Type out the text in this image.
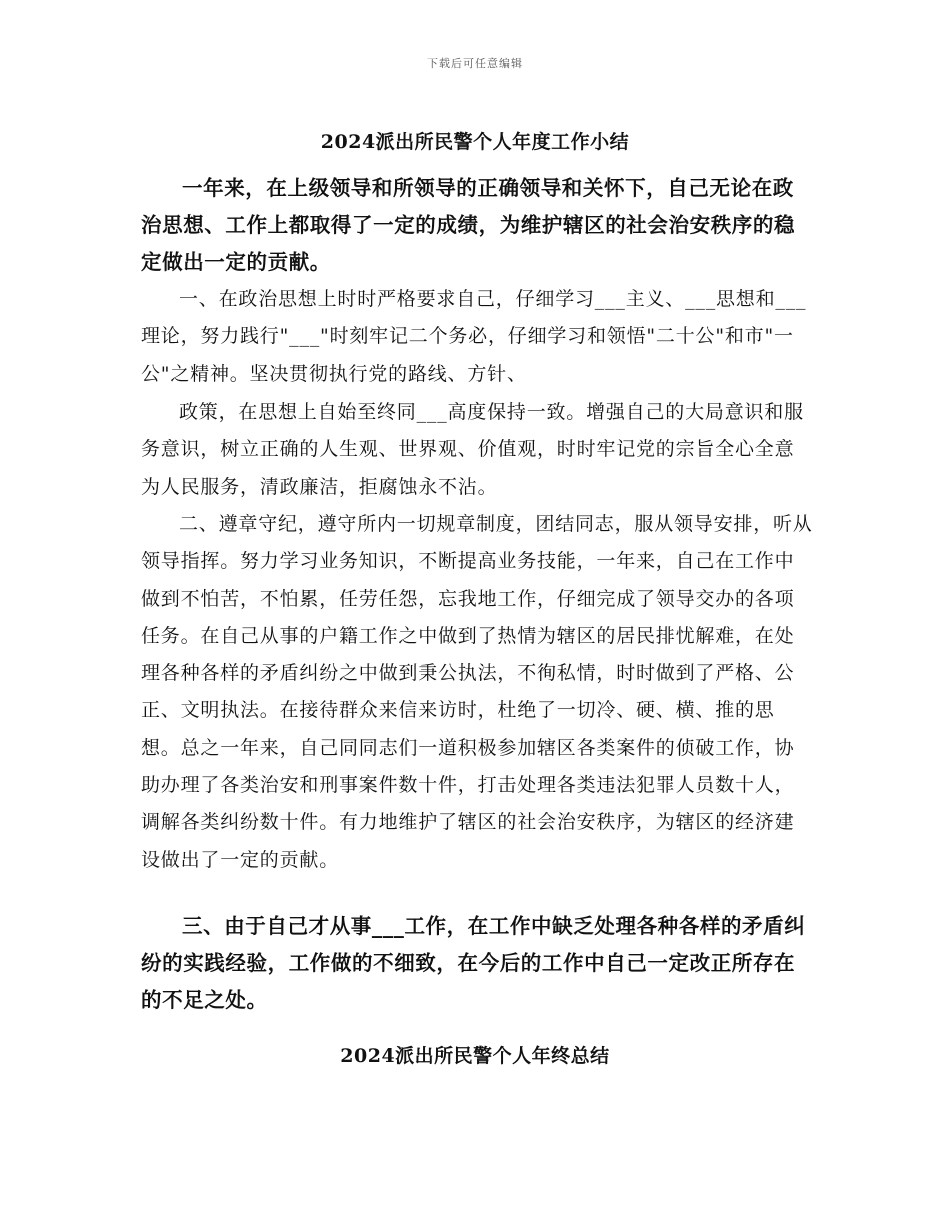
下载后可任意编辑
2024派出所民警个人年度工作小结

一年来，在上级领导和所领导的正确领导和关怀下，自己无论在政治思想、工作上都取得了一定的成绩，为维护辖区的社会治安秩序的稳定做出一定的贡献。

一、在政治思想上时时严格要求自己，仔细学习___主义、___思想和___理论，努力践行"___"时刻牢记二个务必，仔细学习和领悟"二十公"和市"一公"之精神。坚决贯彻执行党的路线、方针、

政策，在思想上自始至终同___高度保持一致。增强自己的大局意识和服务意识，树立正确的人生观、世界观、价值观，时时牢记党的宗旨全心全意为人民服务，清政廉洁，拒腐蚀永不沾。

二、遵章守纪，遵守所内一切规章制度，团结同志，服从领导安排，听从领导指挥。努力学习业务知识，不断提高业务技能，一年来，自己在工作中做到不怕苦，不怕累，任劳任怨，忘我地工作，仔细完成了领导交办的各项任务。在自己从事的户籍工作之中做到了热情为辖区的居民排忧解难，在处理各种各样的矛盾纠纷之中做到秉公执法，不徇私情，时时做到了严格、公正、文明执法。在接待群众来信来访时，杜绝了一切冷、硬、横、推的思想。总之一年来，自己同同志们一道积极参加辖区各类案件的侦破工作，协助办理了各类治安和刑事案件数十件，打击处理各类违法犯罪人员数十人，调解各类纠纷数十件。有力地维护了辖区的社会治安秩序，为辖区的经济建设做出了一定的贡献。

三、由于自己才从事___工作，在工作中缺乏处理各种各样的矛盾纠纷的实践经验，工作做的不细致，在今后的工作中自己一定改正所存在的不足之处。

2024派出所民警个人年终总结
